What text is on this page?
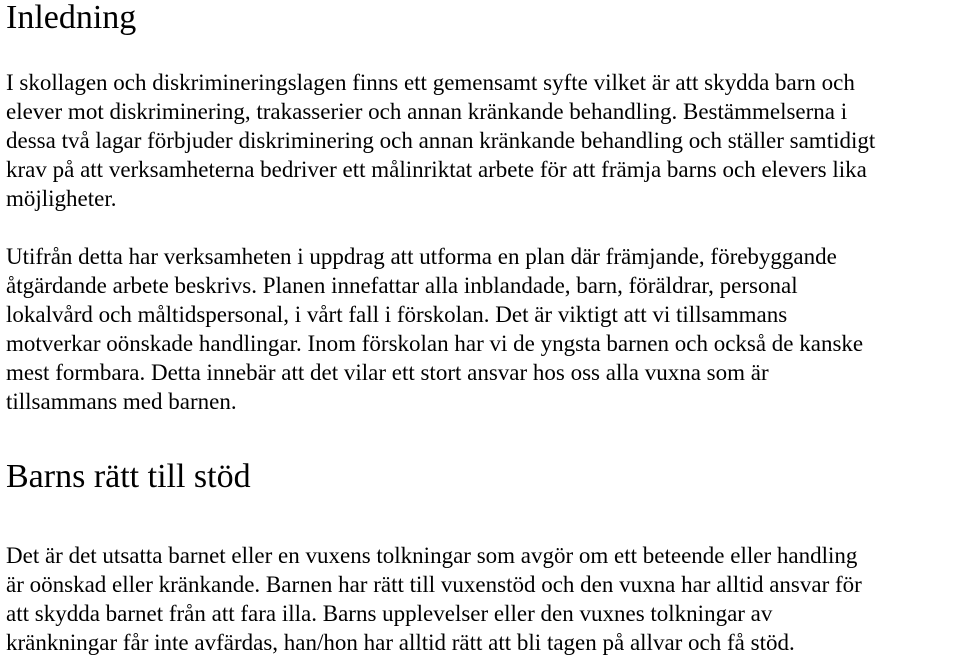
Inledning
I skollagen och diskrimineringslagen finns ett gemensamt syfte vilket är att skydda barn och
elever mot diskriminering, trakasserier och annan kränkande behandling. Bestämmelserna i
dessa två lagar förbjuder diskriminering och annan kränkande behandling och ställer samtidigt
krav på att verksamheterna bedriver ett målinriktat arbete för att främja barns och elevers lika
möjligheter.
Utifrån detta har verksamheten i uppdrag att utforma en plan där främjande, förebyggande
åtgärdande arbete beskrivs. Planen innefattar alla inblandade, barn, föräldrar, personal
lokalvård och måltidspersonal, i vårt fall i förskolan. Det är viktigt att vi tillsammans
motverkar oönskade handlingar. Inom förskolan har vi de yngsta barnen och också de kanske
mest formbara. Detta innebär att det vilar ett stort ansvar hos oss alla vuxna som är
tillsammans med barnen.
Barns rätt till stöd
Det är det utsatta barnet eller en vuxens tolkningar som avgör om ett beteende eller handling
är oönskad eller kränkande. Barnen har rätt till vuxenstöd och den vuxna har alltid ansvar för
att skydda barnet från att fara illa. Barns upplevelser eller den vuxnes tolkningar av
kränkningar får inte avfärdas, han/hon har alltid rätt att bli tagen på allvar och få stöd.
